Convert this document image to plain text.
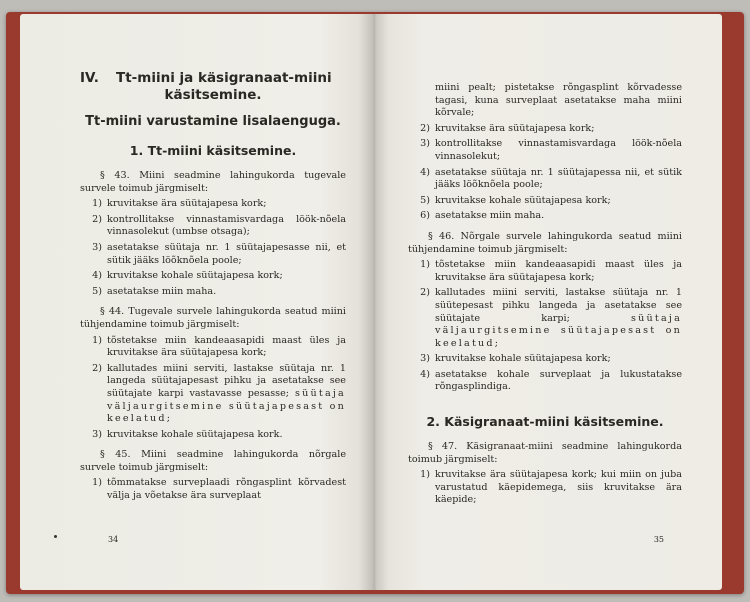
IV. Tt-miini ja käsigranaat-miini
käsitsemine.
Tt-miini varustamine lisalaenguga.
1. Tt-miini käsitsemine.

§ 43. Miini seadmine lahingukorda tugevale survele toimub järgmiselt:

1) kruvitakse ära süütajapesa kork;
2) kontrollitakse vinnastamisvardaga löök-nõela vinnasolekut (umbse otsaga);
3) asetatakse süütaja nr. 1 süütajapesasse nii, et sütik jääks löõknõela poole;
4) kruvitakse kohale süütajapesa kork;
5) asetatakse miin maha.

§ 44. Tugevale survele lahingukorda seatud miini tühjendamine toimub järgmiselt:

1) tõstetakse miin kandeaasapidi maast üles ja kruvitakse ära süütajapesa kork;
2) kallutades miini serviti, lastakse süütaja nr. 1 langeda süütajapesast pihku ja asetatakse see süütajate karpi vastavasse pesasse; süütaja väljaurgitsemine süütajapesast on keelatud;
3) kruvitakse kohale süütajapesa kork.

§ 45. Miini seadmine lahingukorda nõrgale survele toimub järgmiselt:

1) tõmmatakse surveplaadi rõngasplint kõrvadest välja ja võetakse ära surveplaat
34

miini pealt; pistetakse rõngasplint kõrvadesse tagasi, kuna surveplaat asetatakse maha miini kõrvale;

2) kruvitakse ära süütajapesa kork;
3) kontrollitakse vinnastamisvardaga löök-nõela vinnasolekut;
4) asetatakse süütaja nr. 1 süütajapessa nii, et sütik jääks löõknõela poole;
5) kruvitakse kohale süütajapesa kork;
6) asetatakse miin maha.

§ 46. Nõrgale survele lahingukorda seatud miini tühjendamine toimub järgmiselt:

1) tõstetakse miin kandeaasapidi maast üles ja kruvitakse ära süütajapesa kork;
2) kallutades miini serviti, lastakse süütaja nr. 1 süütepesast pihku langeda ja asetatakse see süütajate karpi;	süütaja väljaurgitsemine süütajapesast on keelatud;
3) kruvitakse kohale süütajapesa kork;
4) asetatakse kohale surveplaat ja lukustatakse rõngasplindiga.
2. Käsigranaat-miini käsitsemine.

§ 47. Käsigranaat-miini seadmine lahingukorda toimub järgmiselt:

1) kruvitakse ära süütajapesa kork; kui miin on juba varustatud käepidemega, siis kruvitakse ära käepide;
35
